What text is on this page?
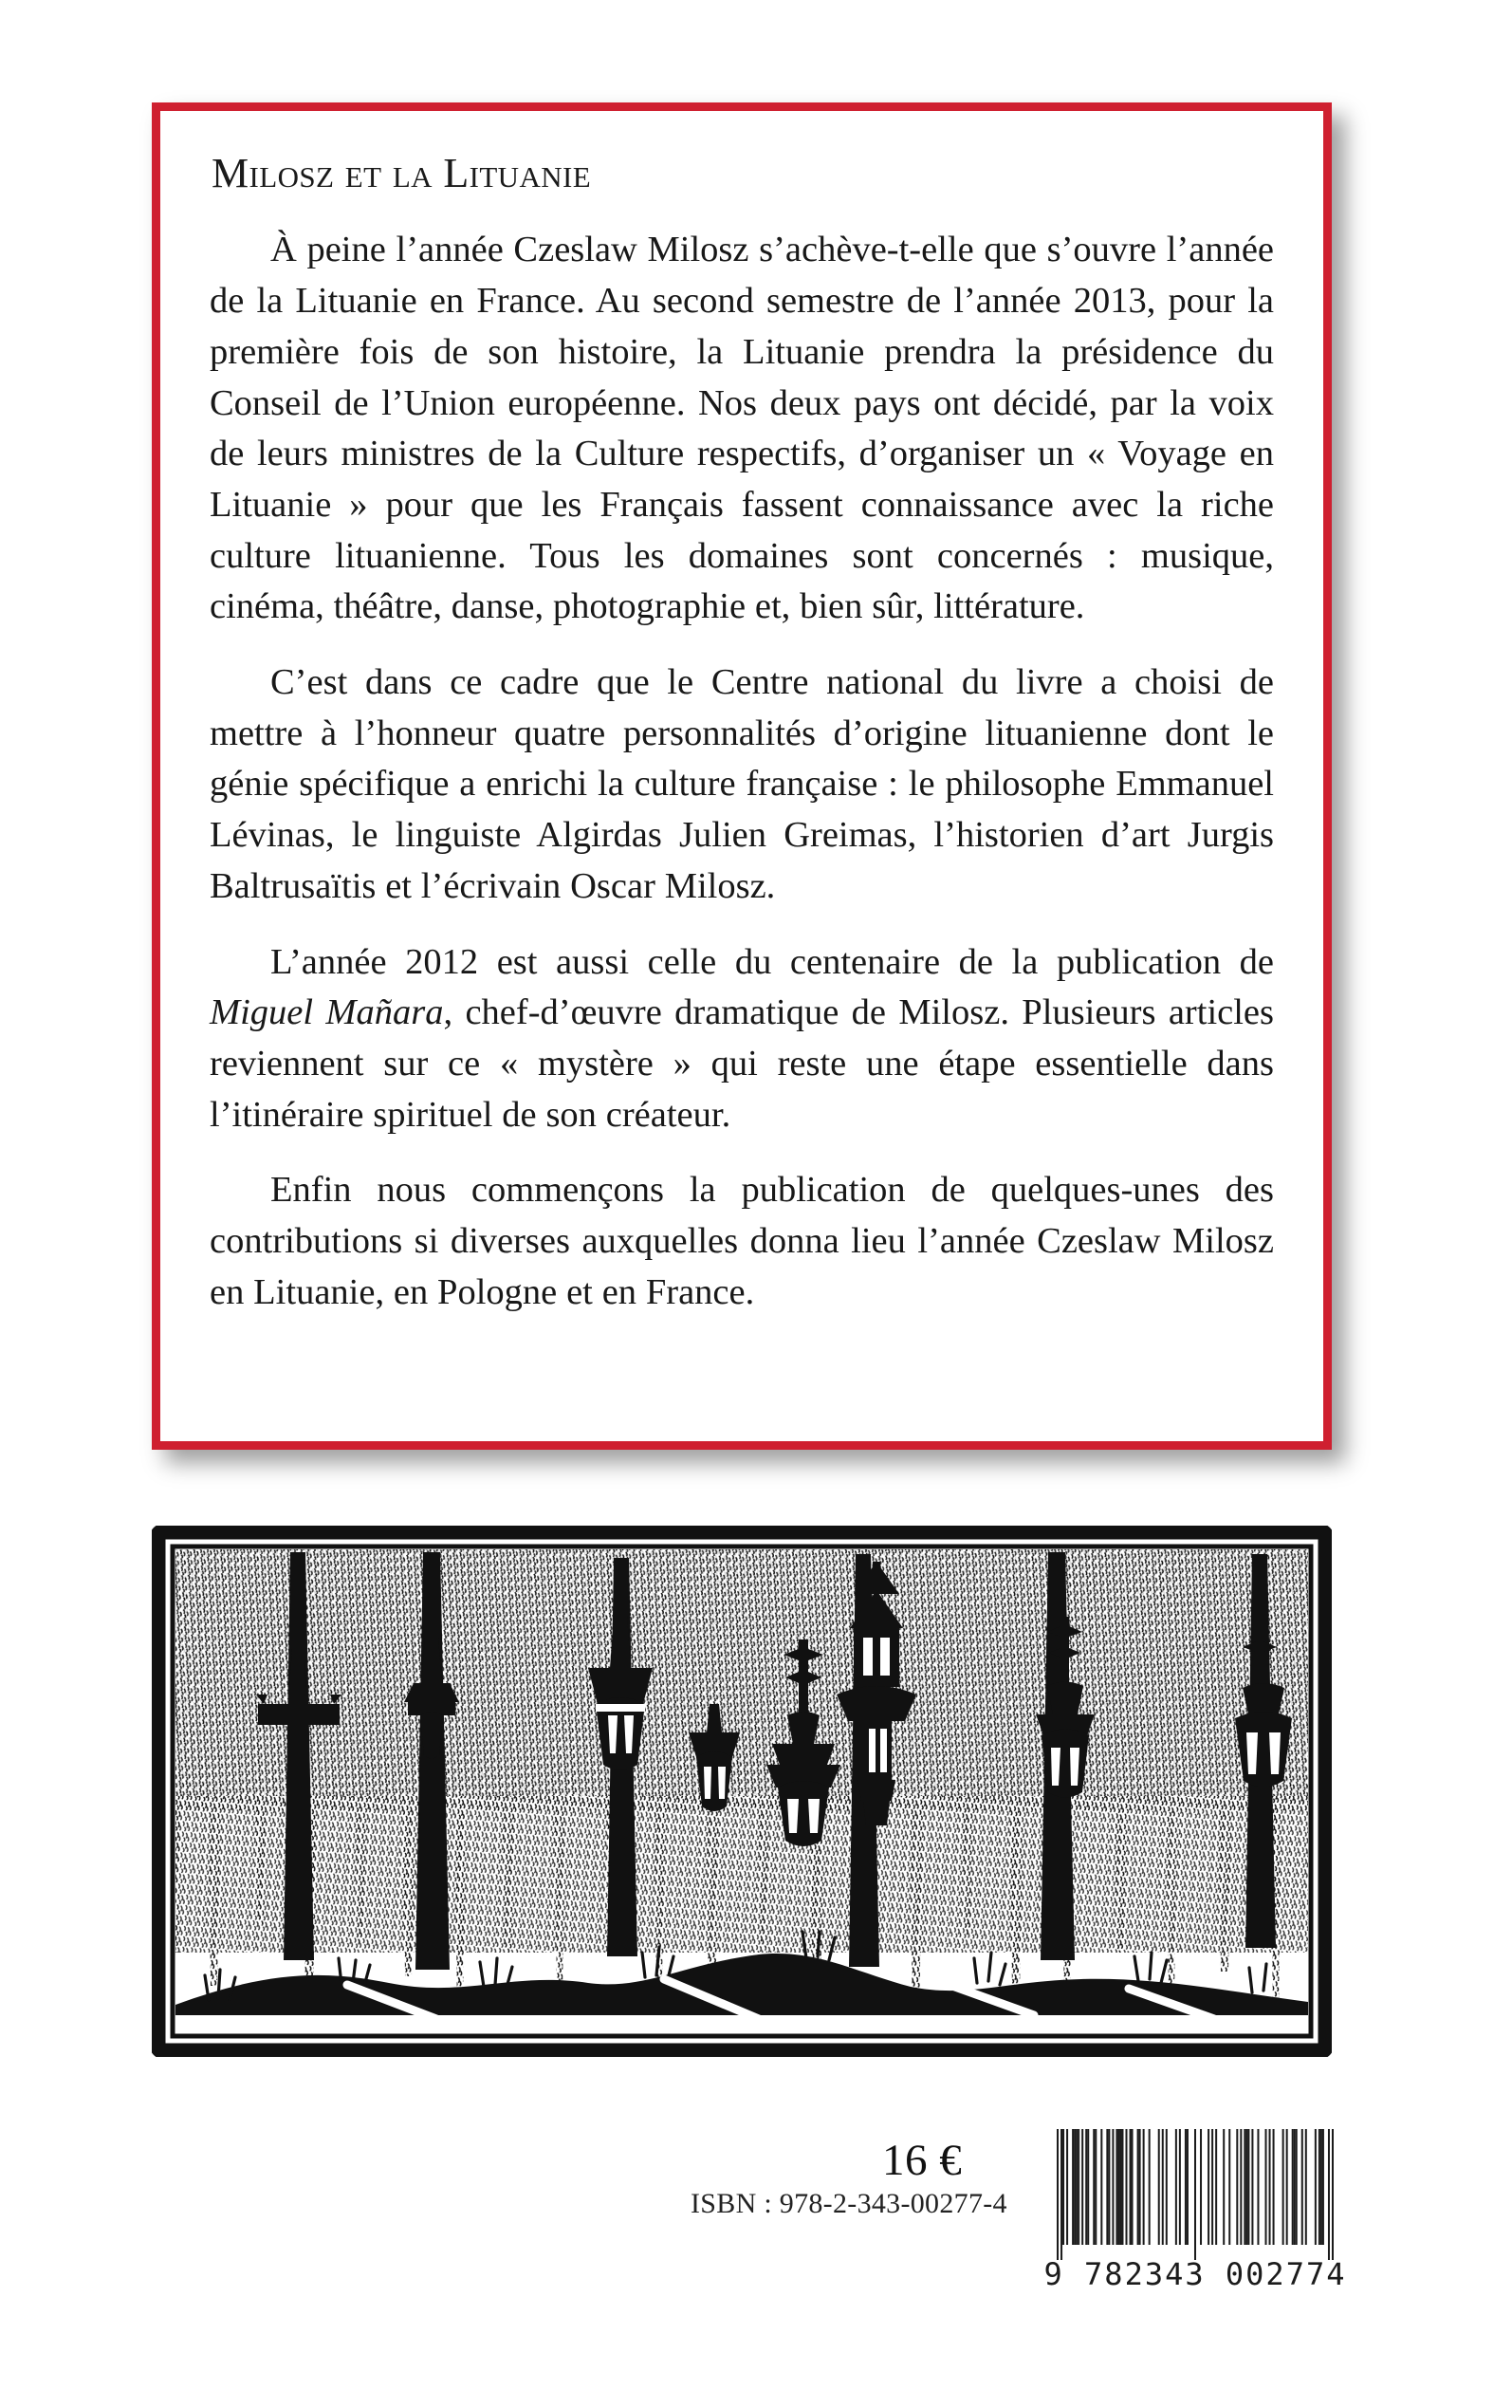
Milosz et la Lituanie

À peine l’année Czeslaw Milosz s’achève-t-elle que s’ouvre l’année de la Lituanie en France. Au second semestre de l’année 2013, pour la première fois de son histoire, la Lituanie prendra la présidence du Conseil de l’Union européenne. Nos deux pays ont décidé, par la voix de leurs ministres de la Culture respectifs, d’organiser un « Voyage en Lituanie » pour que les Français fassent connaissance avec la riche culture lituanienne. Tous les domaines sont concernés : musique, cinéma, théâtre, danse, photographie et, bien sûr, littérature.

C’est dans ce cadre que le Centre national du livre a choisi de mettre à l’honneur quatre personnalités d’origine lituanienne dont le génie spécifique a enrichi la culture française : le philosophe Emmanuel Lévinas, le linguiste Algirdas Julien Greimas, l’historien d’art Jurgis Baltrusaïtis et l’écrivain Oscar Milosz.

L’année 2012 est aussi celle du centenaire de la publication de Miguel Mañara, chef-d’œuvre dramatique de Milosz. Plusieurs articles reviennent sur ce « mystère » qui reste une étape essentielle dans l’itinéraire spirituel de son créateur.

Enfin nous commençons la publication de quelques-unes des contributions si diverses auxquelles donna lieu l’année Czeslaw Milosz en Lituanie, en Pologne et en France.

16 €
ISBN : 978-2-343-00277-4
9 782343 002774
